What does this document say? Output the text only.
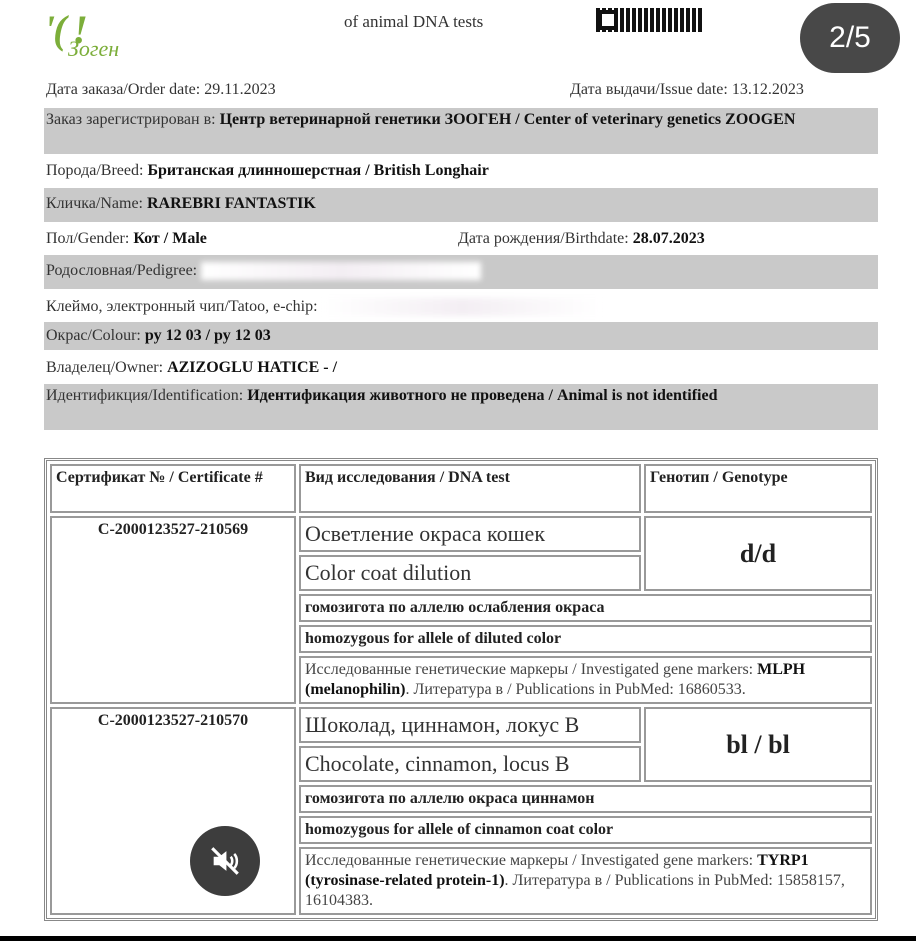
'( !
Зоген
of animal DNA tests
Дата заказа/Order date: 29.11.2023	Дата выдачи/Issue date: 13.12.2023
Заказ зарегистрирован в: Центр ветеринарной генетики ЗООГЕН / Center of veterinary genetics ZOOGEN
Порода/Breed: Британская длинношерстная / British Longhair
Кличка/Name: RAREBRI FANTASTIK
Пол/Gender: Кот / Male	Дата рождения/Birthdate: 28.07.2023
Родословная/Pedigree:
Клеймо, электронный чип/Tatoo, e-chip:
Окрас/Colour: ру 12 03 / ру 12 03
Владелец/Owner: AZIZOGLU HATICE - /
Идентификция/Identification: Идентификация животного не проведена / Animal is not identified
Сертификат № / Certificate #	Вид исследования / DNA test	Генотип / Genotype
C-2000123527-210569	Осветление окраса кошек	d/d
	Color coat dilution	
	гомозигота по аллелю ослабления окраса	
	homozygous for allele of diluted color	
	Исследованные генетические маркеры / Investigated gene markers: MLPH (melanophilin). Литература в / Publications in PubMed: 16860533.	
C-2000123527-210570	Шоколад, циннамон, локус B	bl / bl
	Chocolate, cinnamon, locus B	
	гомозигота по аллелю окраса циннамон	
	homozygous for allele of cinnamon coat color	
	Исследованные генетические маркеры / Investigated gene markers: TYRP1 (tyrosinase-related protein-1). Литература в / Publications in PubMed: 15858157, 16104383.	
2/5
